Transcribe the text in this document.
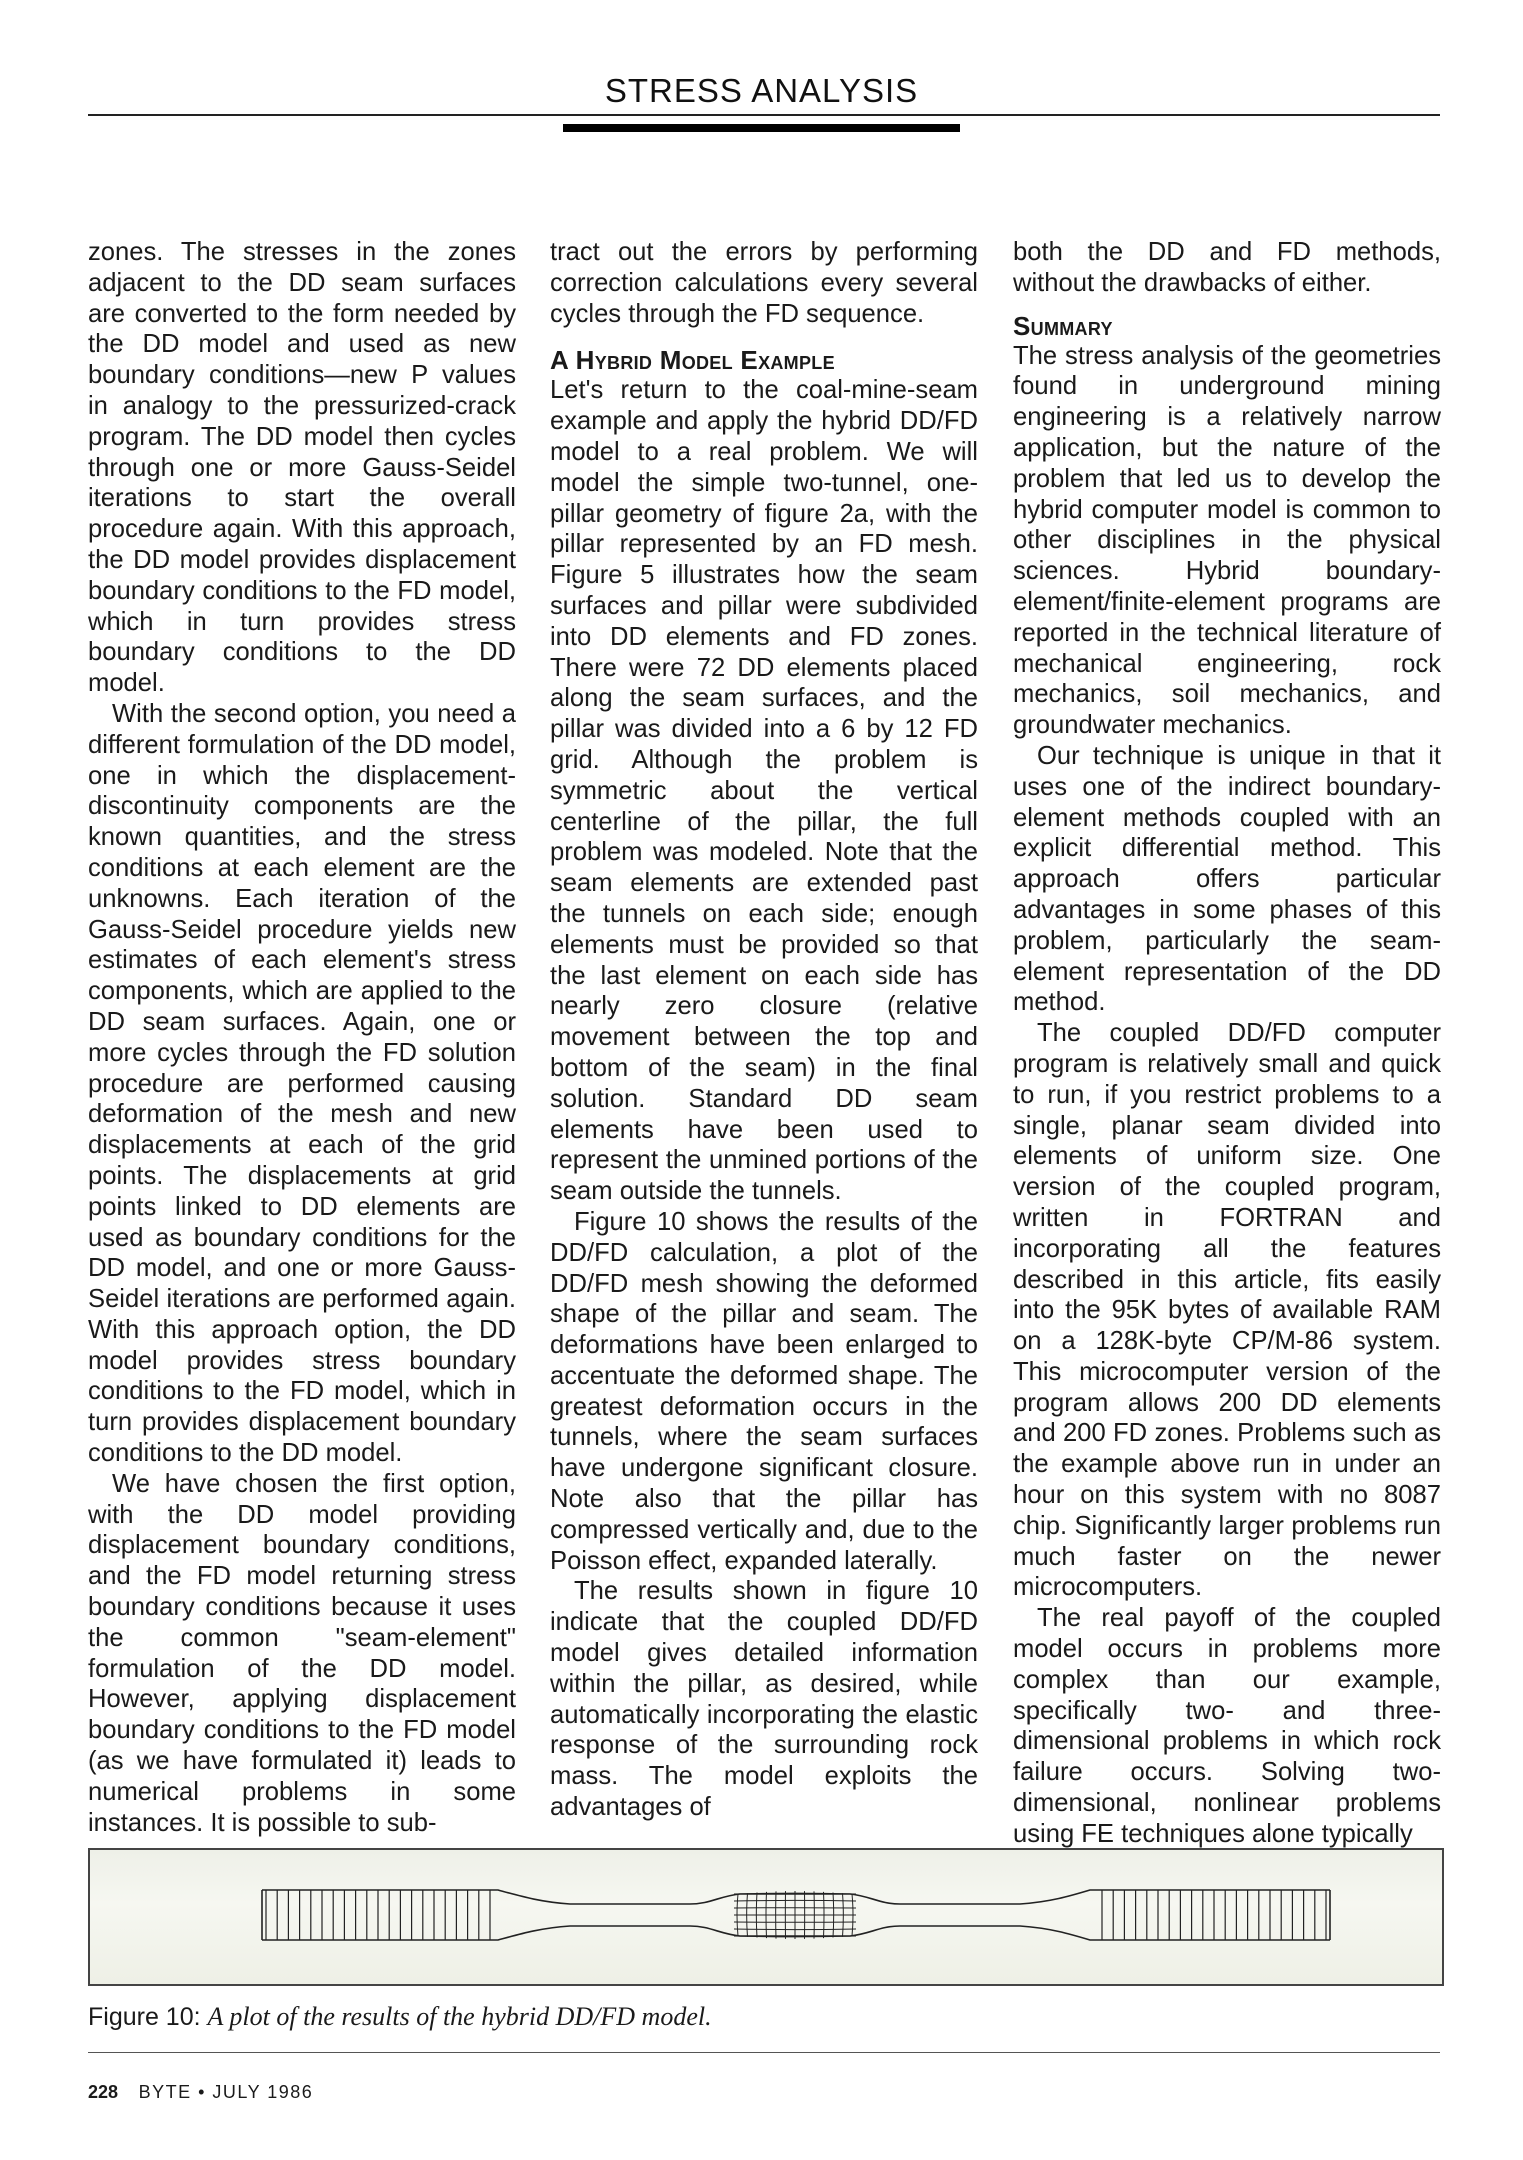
STRESS ANALYSIS

zones. The stresses in the zones adjacent to the DD seam surfaces are converted to the form needed by the DD model and used as new boundary conditions—new P values in analogy to the pressurized-crack program. The DD model then cycles through one or more Gauss-Seidel iterations to start the overall procedure again. With this approach, the DD model provides displacement boundary conditions to the FD model, which in turn provides stress boundary conditions to the DD model.

With the second option, you need a different formulation of the DD model, one in which the displacement-discontinuity components are the known quantities, and the stress conditions at each element are the unknowns. Each iteration of the Gauss-Seidel procedure yields new estimates of each element's stress components, which are applied to the DD seam surfaces. Again, one or more cycles through the FD solution procedure are performed causing deformation of the mesh and new displacements at each of the grid points. The displacements at grid points linked to DD elements are used as boundary conditions for the DD model, and one or more Gauss-Seidel iterations are performed again. With this approach option, the DD model provides stress boundary conditions to the FD model, which in turn provides displacement boundary conditions to the DD model.

We have chosen the first option, with the DD model providing displacement boundary conditions, and the FD model returning stress boundary conditions because it uses the common "seam-element" formulation of the DD model. However, applying displacement boundary conditions to the FD model (as we have formulated it) leads to numerical problems in some instances. It is possible to sub-

tract out the errors by performing correction calculations every several cycles through the FD sequence.

A Hybrid Model Example

Let's return to the coal-mine-seam example and apply the hybrid DD/FD model to a real problem. We will model the simple two-tunnel, one-pillar geometry of figure 2a, with the pillar represented by an FD mesh. Figure 5 illustrates how the seam surfaces and pillar were subdivided into DD elements and FD zones. There were 72 DD elements placed along the seam surfaces, and the pillar was divided into a 6 by 12 FD grid. Although the problem is symmetric about the vertical centerline of the pillar, the full problem was modeled. Note that the seam elements are extended past the tunnels on each side; enough elements must be provided so that the last element on each side has nearly zero closure (relative movement between the top and bottom of the seam) in the final solution. Standard DD seam elements have been used to represent the unmined portions of the seam outside the tunnels.

Figure 10 shows the results of the DD/FD calculation, a plot of the DD/FD mesh showing the deformed shape of the pillar and seam. The deformations have been enlarged to accentuate the deformed shape. The greatest deformation occurs in the tunnels, where the seam surfaces have undergone significant closure. Note also that the pillar has compressed vertically and, due to the Poisson effect, expanded laterally.

The results shown in figure 10 indicate that the coupled DD/FD model gives detailed information within the pillar, as desired, while automatically incorporating the elastic response of the surrounding rock mass. The model exploits the advantages of

both the DD and FD methods, without the drawbacks of either.

Summary

The stress analysis of the geometries found in underground mining engineering is a relatively narrow application, but the nature of the problem that led us to develop the hybrid computer model is common to other disciplines in the physical sciences. Hybrid boundary-element/finite-element programs are reported in the technical literature of mechanical engineering, rock mechanics, soil mechanics, and groundwater mechanics.

Our technique is unique in that it uses one of the indirect boundary-element methods coupled with an explicit differential method. This approach offers particular advantages in some phases of this problem, particularly the seam-element representation of the DD method.

The coupled DD/FD computer program is relatively small and quick to run, if you restrict problems to a single, planar seam divided into elements of uniform size. One version of the coupled program, written in FORTRAN and incorporating all the features described in this article, fits easily into the 95K bytes of available RAM on a 128K-byte CP/M-86 system. This microcomputer version of the program allows 200 DD elements and 200 FD zones. Problems such as the example above run in under an hour on this system with no 8087 chip. Significantly larger problems run much faster on the newer microcomputers.

The real payoff of the coupled model occurs in problems more complex than our example, specifically two- and three-dimensional problems in which rock failure occurs. Solving two-dimensional, nonlinear problems using FE techniques alone typically

Figure 10: A plot of the results of the hybrid DD/FD model.
228 BYTE • JULY 1986
